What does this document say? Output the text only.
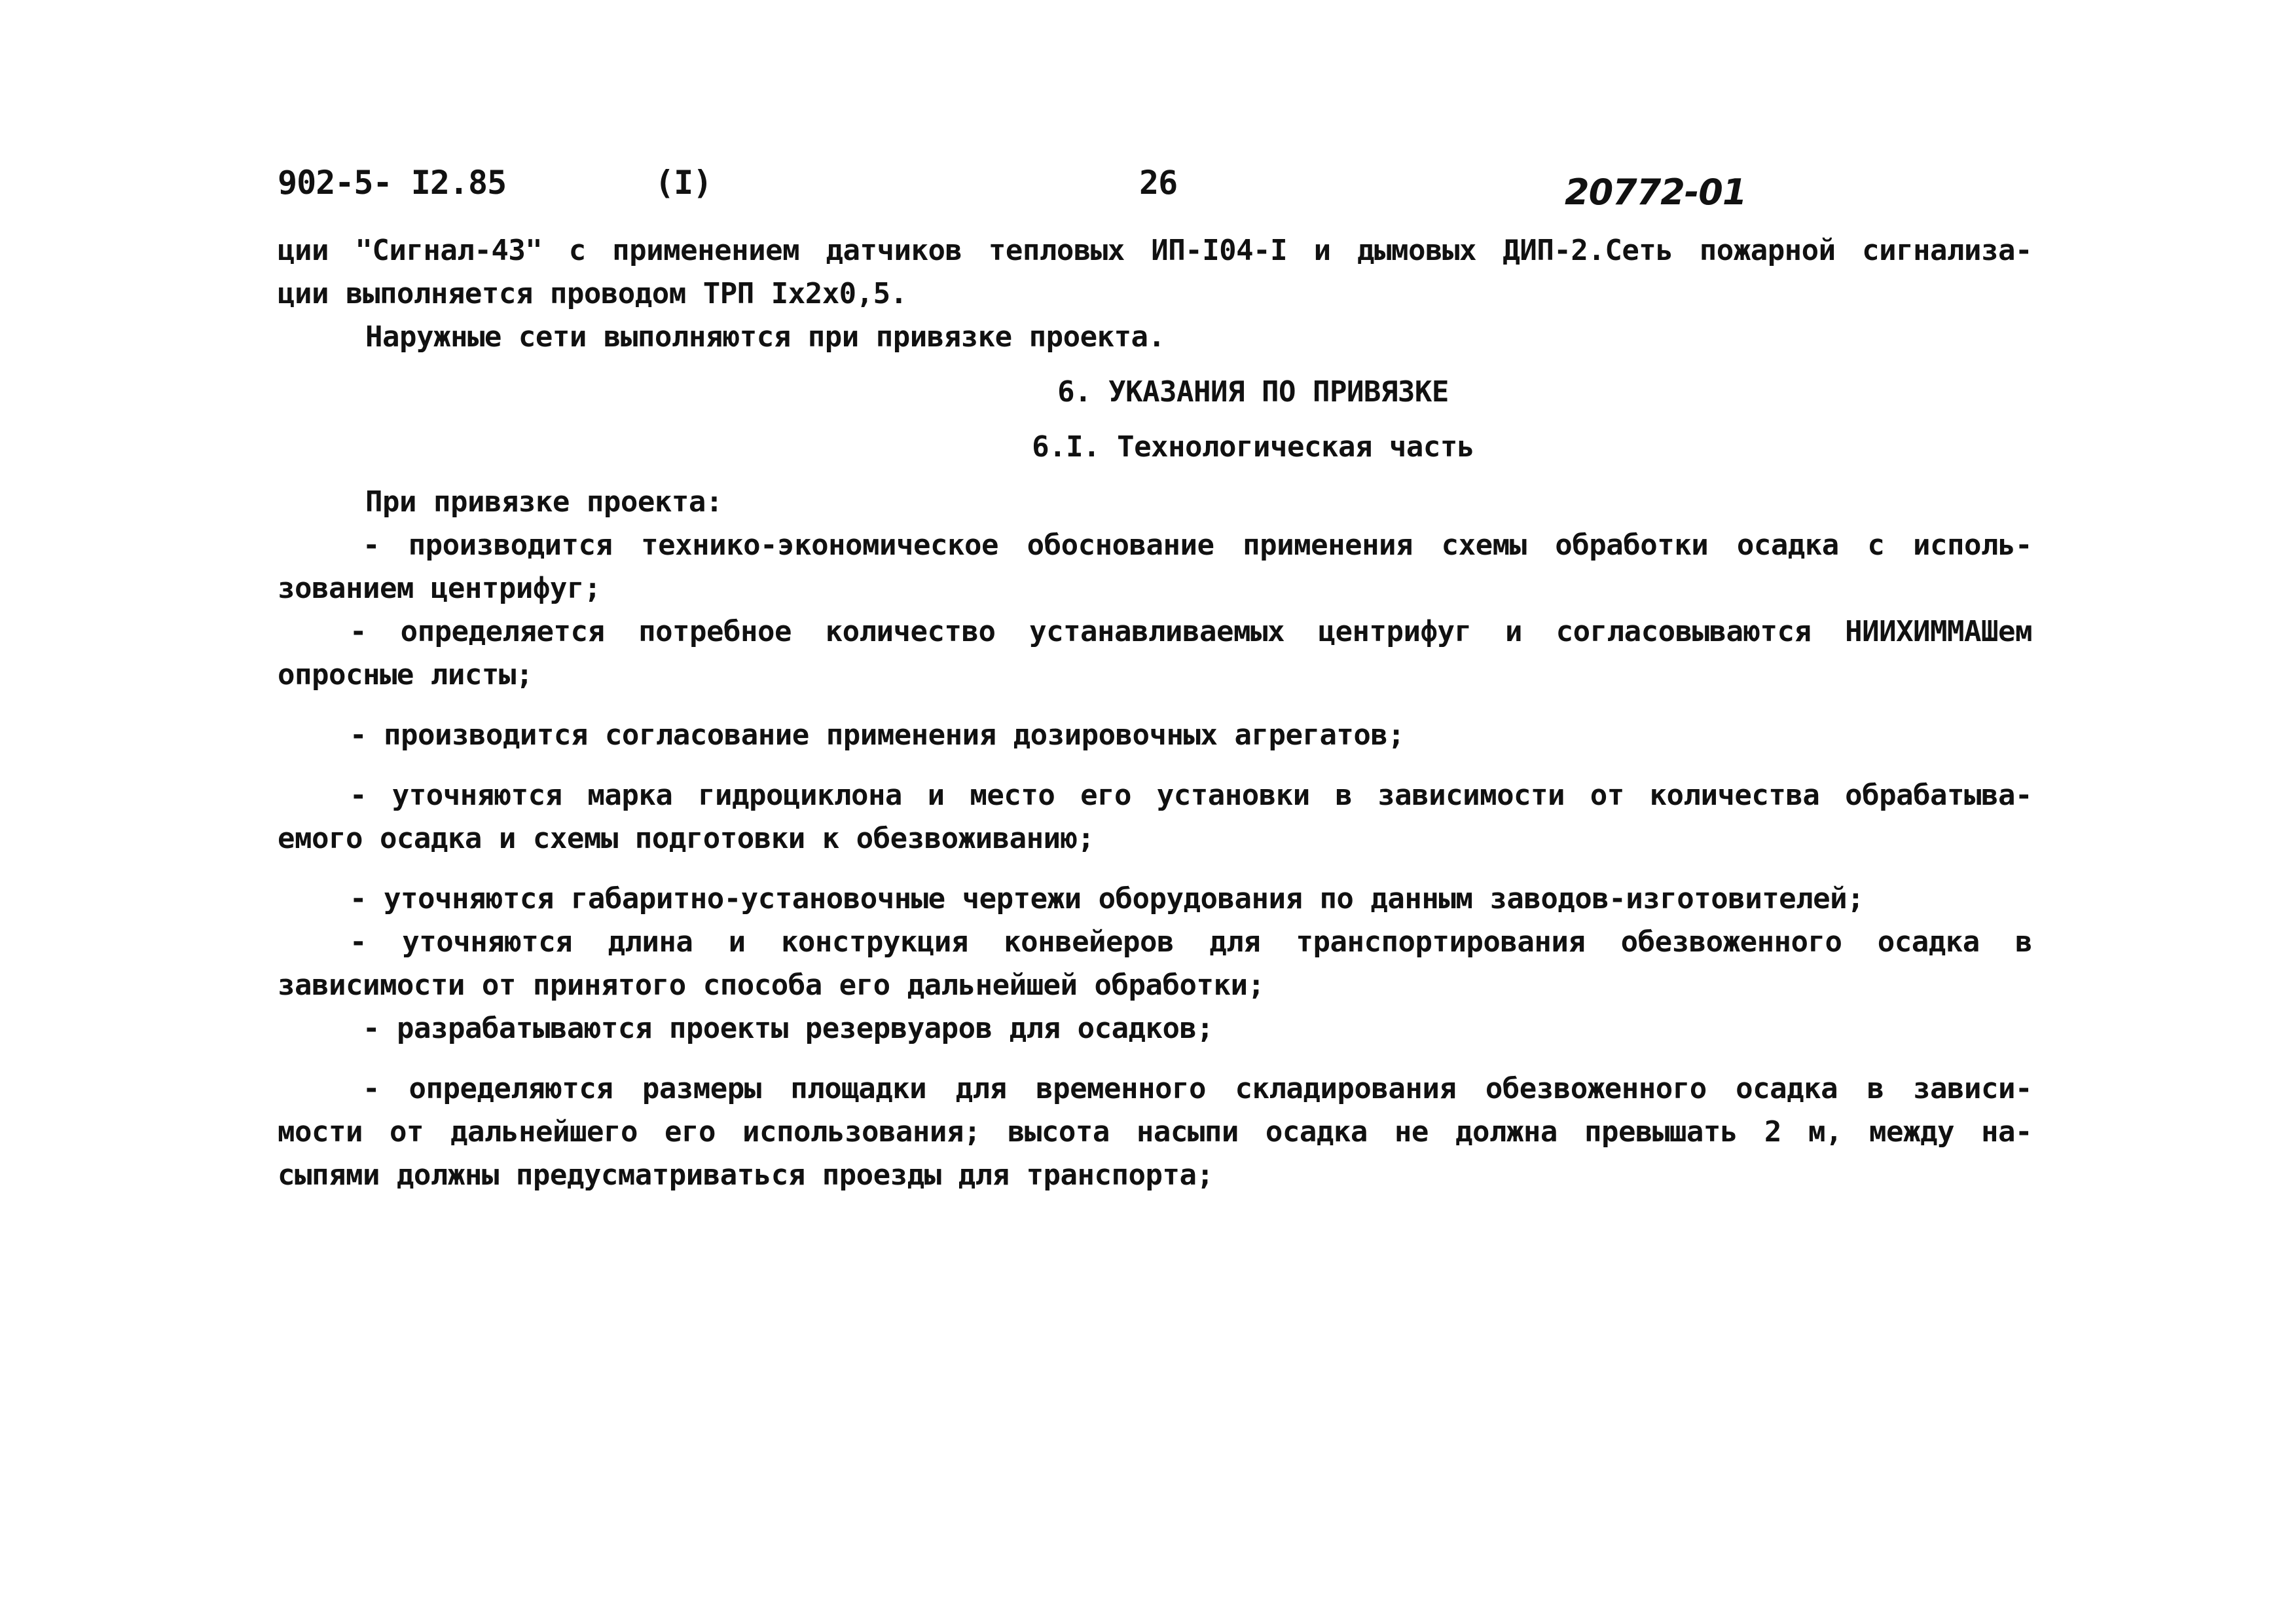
902-5- I2.85	(I)	26	20772-01
ции "Сигнал-43" с применением датчиков тепловых ИП-I04-I и дымовых ДИП-2.Сеть пожарной сигнализа-
ции выполняется проводом ТРП Iх2х0,5.
Наружные сети выполняются при привязке проекта.
6. УКАЗАНИЯ ПО ПРИВЯЗКЕ
6.I. Технологическая часть
При привязке проекта:
- производится технико-экономическое обоснование применения схемы обработки осадка с исполь-
зованием центрифуг;
- определяется потребное количество устанавливаемых центрифуг и согласовываются НИИХИММАШем
опросные листы;
- производится согласование применения дозировочных агрегатов;
- уточняются марка гидроциклона и место его установки в зависимости от количества обрабатыва-
емого осадка и схемы подготовки к обезвоживанию;
- уточняются габаритно-установочные чертежи оборудования по данным заводов-изготовителей;
- уточняются длина и конструкция конвейеров для транспортирования обезвоженного осадка в
зависимости от принятого способа его дальнейшей обработки;
- разрабатываются проекты резервуаров для осадков;
- определяются размеры площадки для временного складирования обезвоженного осадка в зависи-
мости от дальнейшего его использования; высота насыпи осадка не должна превышать 2 м, между на-
сыпями должны предусматриваться проезды для транспорта;
